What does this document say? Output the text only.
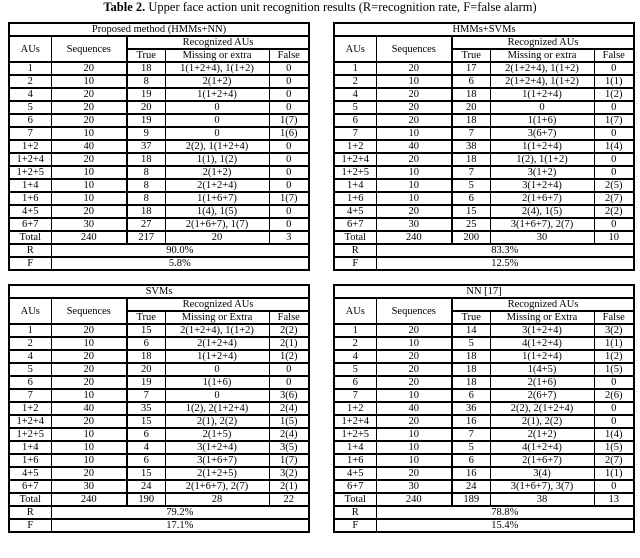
Table 2. Upper face action unit recognition results (R=recognition rate, F=false alarm)
Proposed method (HMMs+NN)				
AUs	Sequences	Recognized AUs		
		True	Missing or extra	False
1	20	18	1(1+2+4), 1(1+2)	0
2	10	8	2(1+2)	0
4	20	19	1(1+2+4)	0
5	20	20	0	0
6	20	19	0	1(7)
7	10	9	0	1(6)
1+2	40	37	2(2), 1(1+2+4)	0
1+2+4	20	18	1(1), 1(2)	0
1+2+5	10	8	2(1+2)	0
1+4	10	8	2(1+2+4)	0
1+6	10	8	1(1+6+7)	1(7)
4+5	20	18	1(4), 1(5)	0
6+7	30	27	2(1+6+7), 1(7)	0
Total	240	217	20	3
R	90.0%			
F	5.8%			
HMMs+SVMs				
AUs	Sequences	Recognized AUs		
		True	Missing or extra	False
1	20	17	2(1+2+4), 1(1+2)	0
2	10	6	2(1+2+4), 1(1+2)	1(1)
4	20	18	1(1+2+4)	1(2)
5	20	20	0	0
6	20	18	1(1+6)	1(7)
7	10	7	3(6+7)	0
1+2	40	38	1(1+2+4)	1(4)
1+2+4	20	18	1(2), 1(1+2)	0
1+2+5	10	7	3(1+2)	0
1+4	10	5	3(1+2+4)	2(5)
1+6	10	6	2(1+6+7)	2(7)
4+5	20	15	2(4), 1(5)	2(2)
6+7	30	25	3(1+6+7), 2(7)	0
Total	240	200	30	10
R	83.3%			
F	12.5%			
SVMs				
AUs	Sequences	Recognized AUs		
		True	Missing or Extra	False
1	20	15	2(1+2+4), 1(1+2)	2(2)
2	10	6	2(1+2+4)	2(1)
4	20	18	1(1+2+4)	1(2)
5	20	20	0	0
6	20	19	1(1+6)	0
7	10	7	0	3(6)
1+2	40	35	1(2), 2(1+2+4)	2(4)
1+2+4	20	15	2(1), 2(2)	1(5)
1+2+5	10	6	2(1+5)	2(4)
1+4	10	4	3(1+2+4)	3(5)
1+6	10	6	3(1+6+7)	1(7)
4+5	20	15	2(1+2+5)	3(2)
6+7	30	24	2(1+6+7), 2(7)	2(1)
Total	240	190	28	22
R	79.2%			
F	17.1%			
NN [17]				
AUs	Sequences	Recognized AUs		
		True	Missing or Extra	False
1	20	14	3(1+2+4)	3(2)
2	10	5	4(1+2+4)	1(1)
4	20	18	1(1+2+4)	1(2)
5	20	18	1(4+5)	1(5)
6	20	18	2(1+6)	0
7	10	6	2(6+7)	2(6)
1+2	40	36	2(2), 2(1+2+4)	0
1+2+4	20	16	2(1), 2(2)	0
1+2+5	10	7	2(1+2)	1(4)
1+4	10	5	4(1+2+4)	1(5)
1+6	10	6	2(1+6+7)	2(7)
4+5	20	16	3(4)	1(1)
6+7	30	24	3(1+6+7), 3(7)	0
Total	240	189	38	13
R	78.8%			
F	15.4%			
